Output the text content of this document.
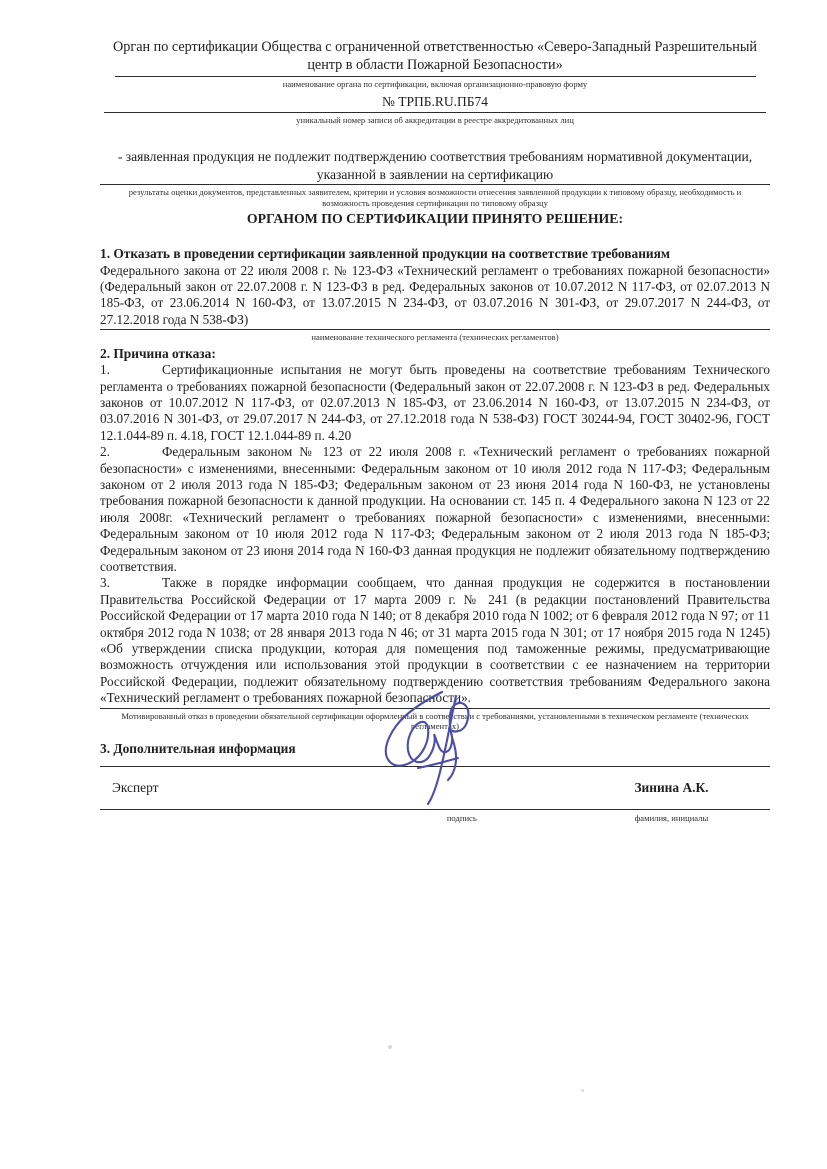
Орган по сертификации Общества с ограниченной ответственностью «Северо-Западный Разрешительный центр в области Пожарной Безопасности»
наименование органа по сертификации, включая организационно-правовую форму
№ ТРПБ.RU.ПБ74
уникальный номер записи об аккредитации в реестре аккредитованных лиц

- заявленная продукция не подлежит подтверждению соответствия требованиям нормативной документации, указанной в заявлении на сертификацию

результаты оценки документов, представленных заявителем, критерии и условия возможности отнесения заявленной продукции к типовому образцу, необходимость и возможность проведения сертификации по типовому образцу
ОРГАНОМ ПО СЕРТИФИКАЦИИ ПРИНЯТО РЕШЕНИЕ:

1. Отказать в проведении сертификации заявленной продукции на соответствие требованиям

Федерального закона от 22 июля 2008 г. № 123-ФЗ «Технический регламент о требованиях пожарной безопасности» (Федеральный закон от 22.07.2008 г. N 123-ФЗ в ред. Федеральных законов от 10.07.2012 N 117-ФЗ, от 02.07.2013 N 185-ФЗ, от 23.06.2014 N 160-ФЗ, от 13.07.2015 N 234-ФЗ, от 03.07.2016 N 301-ФЗ, от 29.07.2017 N 244-ФЗ, от 27.12.2018 года N 538-ФЗ)

наименование технического регламента (технических регламентов)

2. Причина отказа:

1.	Сертификационные испытания не могут быть проведены на соответствие требованиям Технического регламента о требованиях пожарной безопасности (Федеральный закон от 22.07.2008 г. N 123-ФЗ в ред. Федеральных законов от 10.07.2012 N 117-ФЗ, от 02.07.2013 N 185-ФЗ, от 23.06.2014 N 160-ФЗ, от 13.07.2015 N 234-ФЗ, от 03.07.2016 N 301-ФЗ, от 29.07.2017 N 244-ФЗ, от 27.12.2018 года N 538-ФЗ) ГОСТ 30244-94, ГОСТ 30402-96, ГОСТ 12.1.044-89 п. 4.18, ГОСТ 12.1.044-89 п. 4.20

2.	Федеральным законом № 123 от 22 июля 2008 г. «Технический регламент о требованиях пожарной безопасности» с изменениями, внесенными: Федеральным законом от 10 июля 2012 года N 117-ФЗ; Федеральным законом от 2 июля 2013 года N 185-ФЗ; Федеральным законом от 23 июня 2014 года N 160-ФЗ, не установлены требования пожарной безопасности к данной продукции. На основании ст. 145 п. 4 Федерального закона N 123 от 22 июля 2008г. «Технический регламент о требованиях пожарной безопасности» с изменениями, внесенными: Федеральным законом от 10 июля 2012 года N 117-ФЗ; Федеральным законом от 2 июля 2013 года N 185-ФЗ; Федеральным законом от 23 июня 2014 года N 160-ФЗ данная продукция не подлежит обязательному подтверждению соответствия.

3.	Также в порядке информации сообщаем, что данная продукция не содержится в постановлении Правительства Российской Федерации от 17 марта 2009 г. № 241 (в редакции постановлений Правительства Российской Федерации от 17 марта 2010 года N 140; от 8 декабря 2010 года N 1002; от 6 февраля 2012 года N 97; от 11 октября 2012 года N 1038; от 28 января 2013 года N 46; от 31 марта 2015 года N 301; от 17 ноября 2015 года N 1245) «Об утверждении списка продукции, которая для помещения под таможенные режимы, предусматривающие возможность отчуждения или использования этой продукции в соответствии с ее назначением на территории Российской Федерации, подлежит обязательному подтверждению соответствия требованиям Федерального закона «Технический регламент о требованиях пожарной безопасности».

Мотивированный отказ в проведении обязательной сертификации оформленный в соответствии с требованиями, установленными в техническом регламенте (технических регламентах)

3. Дополнительная информация

Эксперт	Зинина А.К.
подпись	фамилия, инициалы
